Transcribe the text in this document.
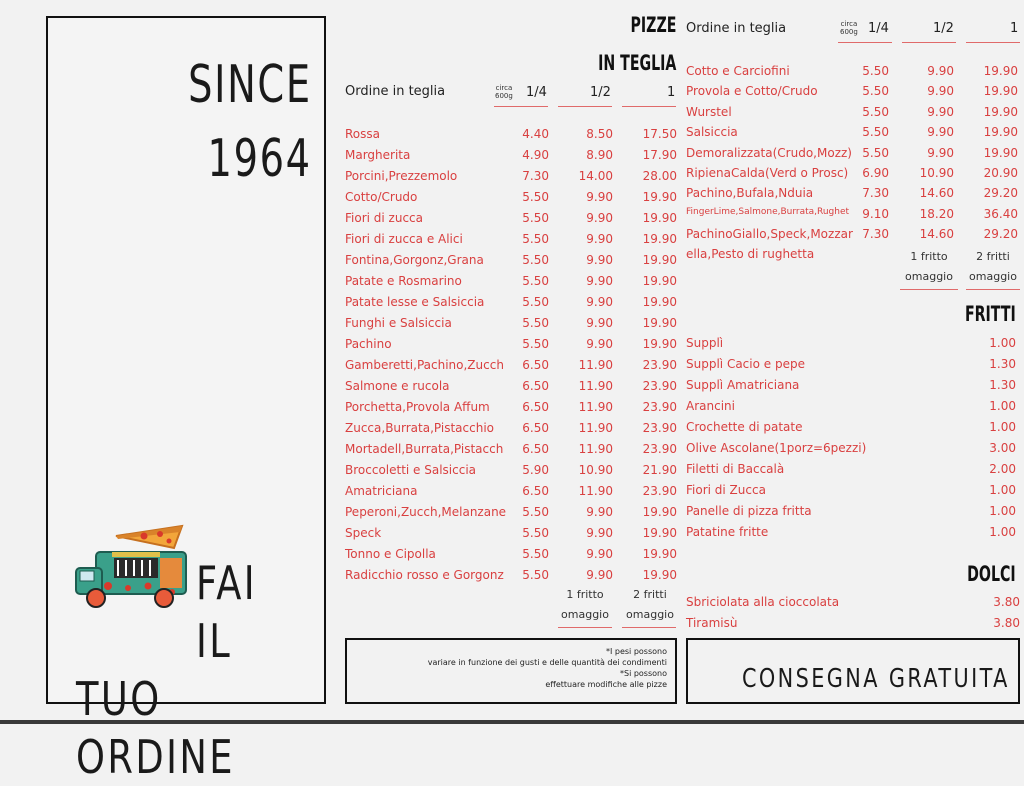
SINCE
1964
FAI IL
TUO ORDINE
PIZZE
IN TEGLIA
Ordine in teglia	circa
600g 1/4	1/2	1
Rossa	4.40	8.50 17.50
Margherita	4.90	8.90 17.90
Porcini,Prezzemolo	7.30 14.00 28.00
Cotto/Crudo	5.50	9.90 19.90
Fiori di zucca	5.50	9.90 19.90
Fiori di zucca e Alici	5.50	9.90 19.90
Fontina,Gorgonz,Grana	5.50	9.90 19.90
Patate e Rosmarino	5.50	9.90 19.90
Patate lesse e Salsiccia	5.50	9.90 19.90
Funghi e Salsiccia	5.50	9.90 19.90
Pachino	5.50	9.90 19.90
Gamberetti,Pachino,Zucch 6.50 11.90 23.90
Salmone e rucola	6.50 11.90 23.90
Porchetta,Provola Affum	6.50 11.90 23.90
Zucca,Burrata,Pistacchio 6.50 11.90 23.90
Mortadell,Burrata,Pistacch 6.50 11.90 23.90
Broccoletti e Salsiccia	5.90 10.90 21.90
Amatriciana	6.50 11.90 23.90
Peperoni,Zucch,Melanzane 5.50	9.90 19.90
Speck	5.50	9.90 19.90
Tonno e Cipolla	5.50	9.90 19.90
Radicchio rosso e Gorgonz 5.50	9.90 19.90
1 fritto
omaggio
2 fritti
omaggio
Ordine in teglia	circa
600g 1/4	1/2	1
Cotto e Carciofini	5.50	9.90 19.90
Provola e Cotto/Crudo	5.50	9.90 19.90
Wurstel	5.50	9.90 19.90
Salsiccia	5.50	9.90 19.90
Demoralizzata(Crudo,Mozz) 5.50	9.90 19.90
RipienaCalda(Verd o Prosc) 6.90	10.90 20.90
Pachino,Bufala,Nduia	7.30	14.60 29.20
FingerLime,Salmone,Burrata,Rughet 9.10	18.20 36.40
PachinoGiallo,Speck,Mozzar 7.30	14.60 29.20
ella,Pesto di rughetta	1 fritto
omaggio
2 fritti
omaggio
FRITTI
Supplì	1.00
Supplì Cacio e pepe	1.30
Supplì Amatriciana	1.30
Arancini	1.00
Crochette di patate	1.00
Olive Ascolane(1porz=6pezzi)	3.00
Filetti di Baccalà	2.00
Fiori di Zucca	1.00
Panelle di pizza fritta	1.00
Patatine fritte	1.00
DOLCI
Sbriciolata alla cioccolata	3.80
Tiramisù	3.80
*I pesi possono
variare in funzione dei gusti e delle quantità dei condimenti
*Si possono
effettuare modifiche alle pizze	CONSEGNA GRATUITA
